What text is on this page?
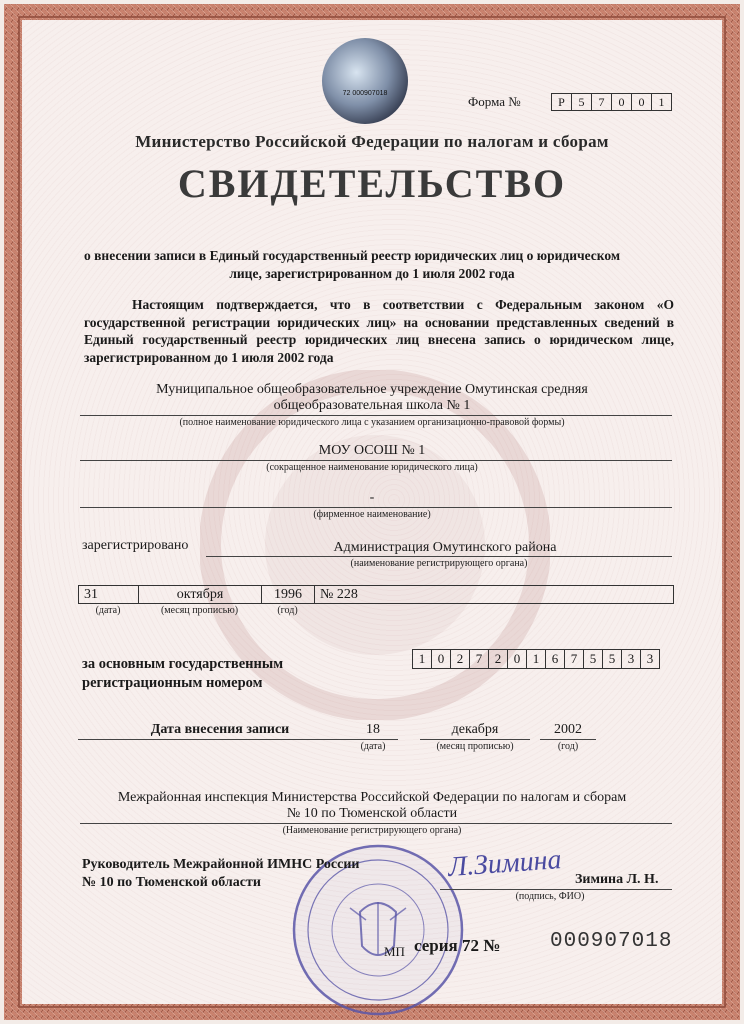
72 000907018
Форма №	Р	5	7	0	0	1
Министерство Российской Федерации по налогам и сборам
СВИДЕТЕЛЬСТВО
о внесении записи в Единый государственный реестр юридических лиц о юридическом
лице, зарегистрированном до 1 июля 2002 года
Настоящим подтверждается, что в соответствии с Федеральным законом «О государственной регистрации юридических лиц» на основании представленных сведений в Единый государственный реестр юридических лиц внесена запись о юридическом лице, зарегистрированном до 1 июля 2002 года
Муниципальное общеобразовательное учреждение Омутинская средняя
общеобразовательная школа № 1
(полное наименование юридического лица с указанием организационно-правовой формы)
МОУ ОСОШ № 1
(сокращенное наименование юридического лица)
-
(фирменное наименование)
зарегистрировано	Администрация Омутинского района
(наименование регистрирующего органа)
31	октября	1996	№ 228
(дата)	(месяц прописью)	(год)
за основным государственным
регистрационным номером
1 0 2 7 2 0 1 6 7 5 5 3 3
Дата внесения записи	18
(дата)
декабря
(месяц прописью)
2002
(год)
Межрайонная инспекция Министерства Российской Федерации по налогам и сборам
№ 10 по Тюменской области
(Наименование регистрирующего органа)
Руководитель Межрайонной ИМНС России
№ 10 по Тюменской области	Л.Зимина Зимина Л. Н.
(подпись, ФИО)
МП серия 72 № 000907018
